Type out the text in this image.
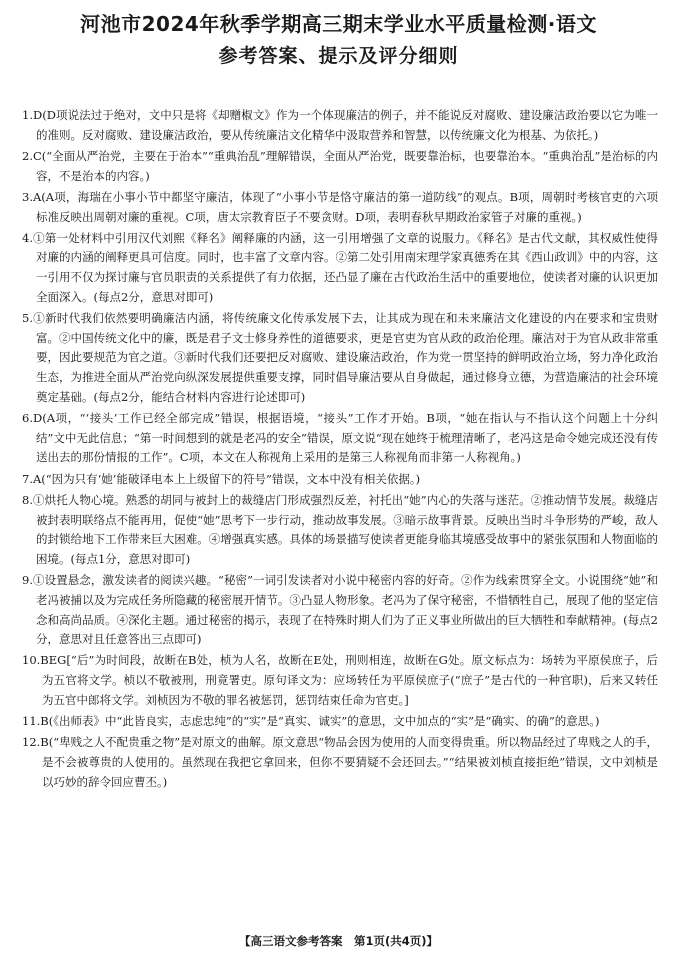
河池市2024年秋季学期高三期末学业水平质量检测·语文
参考答案、提示及评分细则

1.D(D项说法过于绝对，文中只是将《却赠椒文》作为一个体现廉洁的例子，并不能说反对腐败、建设廉洁政治要以它为唯一的准则。反对腐败、建设廉洁政治，要从传统廉洁文化精华中汲取营养和智慧，以传统廉文化为根基、为依托。)

2.C(“全面从严治党，主要在于治本”“重典治乱”理解错误，全面从严治党，既要靠治标，也要靠治本。“重典治乱”是治标的内容，不是治本的内容。)

3.A(A项，海瑞在小事小节中都坚守廉洁，体现了“小事小节是恪守廉洁的第一道防线”的观点。B项，周朝时考核官吏的六项标准反映出周朝对廉的重视。C项，唐太宗教育臣子不要贪财。D项，表明春秋早期政治家管子对廉的重视。)

4.①第一处材料中引用汉代刘熙《释名》阐释廉的内涵，这一引用增强了文章的说服力。《释名》是古代文献，其权威性使得对廉的内涵的阐释更具可信度。同时，也丰富了文章内容。②第二处引用南宋理学家真德秀在其《西山政训》中的内容，这一引用不仅为探讨廉与官员职责的关系提供了有力依据，还凸显了廉在古代政治生活中的重要地位，使读者对廉的认识更加全面深入。(每点2分，意思对即可)

5.①新时代我们依然要明确廉洁内涵，将传统廉文化传承发展下去，让其成为现在和未来廉洁文化建设的内在要求和宝贵财富。②中国传统文化中的廉，既是君子文士修身养性的道德要求，更是官吏为官从政的政治伦理。廉洁对于为官从政非常重要，因此要规范为官之道。③新时代我们还要把反对腐败、建设廉洁政治，作为党一贯坚持的鲜明政治立场，努力净化政治生态，为推进全面从严治党向纵深发展提供重要支撑，同时倡导廉洁要从自身做起，通过修身立德，为营造廉洁的社会环境奠定基础。(每点2分，能结合材料内容进行论述即可)

6.D(A项，“‘接头’工作已经全部完成”错误，根据语境，“接头”工作才开始。B项，“她在指认与不指认这个问题上十分纠结”文中无此信息；“第一时间想到的就是老冯的安全”错误，原文说“现在她终于梳理清晰了，老冯这是命令她完成还没有传送出去的那份情报的工作”。C项，本文在人称视角上采用的是第三人称视角而非第一人称视角。)

7.A(“因为只有‘她’能破译电本上上级留下的符号”错误，文本中没有相关依据。)

8.①烘托人物心境。熟悉的胡同与被封上的裁缝店门形成强烈反差，衬托出“她”内心的失落与迷茫。②推动情节发展。裁缝店被封表明联络点不能再用，促使“她”思考下一步行动，推动故事发展。③暗示故事背景。反映出当时斗争形势的严峻，敌人的封锁给地下工作带来巨大困难。④增强真实感。具体的场景描写使读者更能身临其境感受故事中的紧张氛围和人物面临的困境。(每点1分，意思对即可)

9.①设置悬念，激发读者的阅读兴趣。“秘密”一词引发读者对小说中秘密内容的好奇。②作为线索贯穿全文。小说围绕“她”和老冯被捕以及为完成任务所隐藏的秘密展开情节。③凸显人物形象。老冯为了保守秘密，不惜牺牲自己，展现了他的坚定信念和高尚品质。④深化主题。通过秘密的揭示，表现了在特殊时期人们为了正义事业所做出的巨大牺牲和奉献精神。(每点2分，意思对且任意答出三点即可)

10.BEG[“后”为时间段，故断在B处，桢为人名，故断在E处，刑则相连，故断在G处。原文标点为：场转为平原侯庶子，后为五官将文学。桢以不敬被刑，刑竟署吏。原句译文为：应场转任为平原侯庶子(“庶子”是古代的一种官职)，后来又转任为五官中郎将文学。刘桢因为不敬的罪名被惩罚，惩罚结束任命为官吏。]

11.B(《出师表》中“此皆良实，志虑忠纯”的“实”是“真实、诚实”的意思，文中加点的“实”是“确实、的确”的意思。)

12.B(“卑贱之人不配贵重之物”是对原文的曲解。原文意思“物品会因为使用的人而变得贵重。所以物品经过了卑贱之人的手，是不会被尊贵的人使用的。虽然现在我把它拿回来，但你不要猜疑不会还回去。”“结果被刘桢直接拒绝”错误，文中刘桢是以巧妙的辞令回应曹丕。)

【高三语文参考答案　第1页(共4页)】
